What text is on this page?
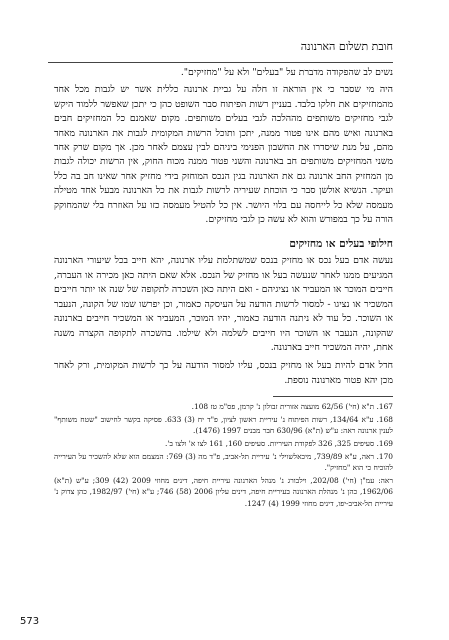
חובת תשלום הארנונה

נשים לב שהפקודה מדברת על "בעלים" ולא על "מחזיקים".

היה מי שסבר כי אין הוראה זו חלה על גביית ארנונה כללית אשר יש לגבות מכל אחד מהמחזיקים את חלקו בלבד. בעניין רשות הפיתוח סבר השופט כהן כי יתכן שאפשר ללמוד היקש לגבי מחזיקים משותפים מההלכה לגבי בעלים משותפים. מקום שאמנם כל המחזיקים חבים בארנונה ואיש מהם אינו פטור ממנה, יתכן ותוכל הרשות המקומית לגבות את הארנונה מאחד מהם, על מנת שיסדרו את החשבון הפנימי ביניהם לבין עצמם לאחר מכן. אך מקום שרק אחד משני המחזיקים משותפים חב בארנונה והשני פטור ממנה מכוח החוק, אין הרשות יכולה לגבות מן המחזיק החב ארנונה גם את הארנונה בגין הנכס המוחזק בידי מחזיק אחר שאינו חב בה כלל ועיקר. הנשיא אולשן סבר כי הוכחת שעיריה לרשות לגבות את כל הארנונה מבעל אחד מטילה מעמסה שלא כל לייחסה עם בלוי היושר. אין כל להטיל מעמסה כזו על האוזרח בלי שהמחוקק הורה על כך במפורש והוא לא עשה כן לגבי מחזיקים.

חילופי בעלים או מחזיקים

נעשה אדם בעל נכס או מחזיק בנכס שמשתלמת עליו ארנונה, יהא חייב בכל שיעורי הארנונה המגיעים ממנו לאחר שנעשה בעל או מחזיק של הנכס. אלא שאם היתה כאן מכירה או העברה, חייבים המוכר או המעביר או נציגיהם - ואם היתה כאן השכרה לתקופה של שנה או יותר חייבים המשכיר או נציגו - למסור לרשות הודעה על העיסקה כאמור, וכן יפרשו שמו של הקונה, הנעבר או השוכר. כל עוד לא ניתנה הודעה כאמור, יהיו המוכר, המעביר או המשכיר חייבים בארנונה שהקונה, הנעבר או השוכר היו חייבים לשלמה ולא שילמו. בהשכרה לתקופה הקצרה משנה אחת, יהיה המשכיר חייב בארנונה.

חדל אדם להיות בעל או מחזיק בנכס, עליו למסור הודעה על כך לרשות המקומית, ורק לאחר מכן יהא פטור מארנונה נוספת.

167. ת"א (חי') 62/56 מועצה אזורית זבולון נ' קרמן, פס"מ טז 108.

168. ע"א 134/64, רשות הפיתוח נ' עיריית ראשון לציון, פ"ד יח (3) 633. פסיקה בקשר לחישוב "שטח משותף" לענין ארנונה ראה: ע"ש (ת"א) 630/96 חבר מבנים 1997 (1476).

169. סעיפים 325, 326 לפקודת העיריות. סעיפים 160, 161 לצו א' ולצו ב'.

170. ראה, ע"א 739/89, מיכאלשוילי נ' עיריית תל-אביב, פ"ד מה (3) 769: המצמם הוא שלא להשכיר על העירייה להוכיח כי הוא "מחזיק".

ראה: עמ"ן (חי') 202/08, וילבורג נ' מנהל הארנונה עיריית חיפה, דינים מחוזי 2009 (42) 309; ע"ש (ת"א) 1962/06, כהן נ' מנהלת הארנונה בעיריית חיפה, דינים עליון 2006 (58) 746; ע"א (חי') 1982/97, כהן צדוק נ' עיריית תל-אביב-יפו, דינים מחוזי 1999 (4) 1247.

573
